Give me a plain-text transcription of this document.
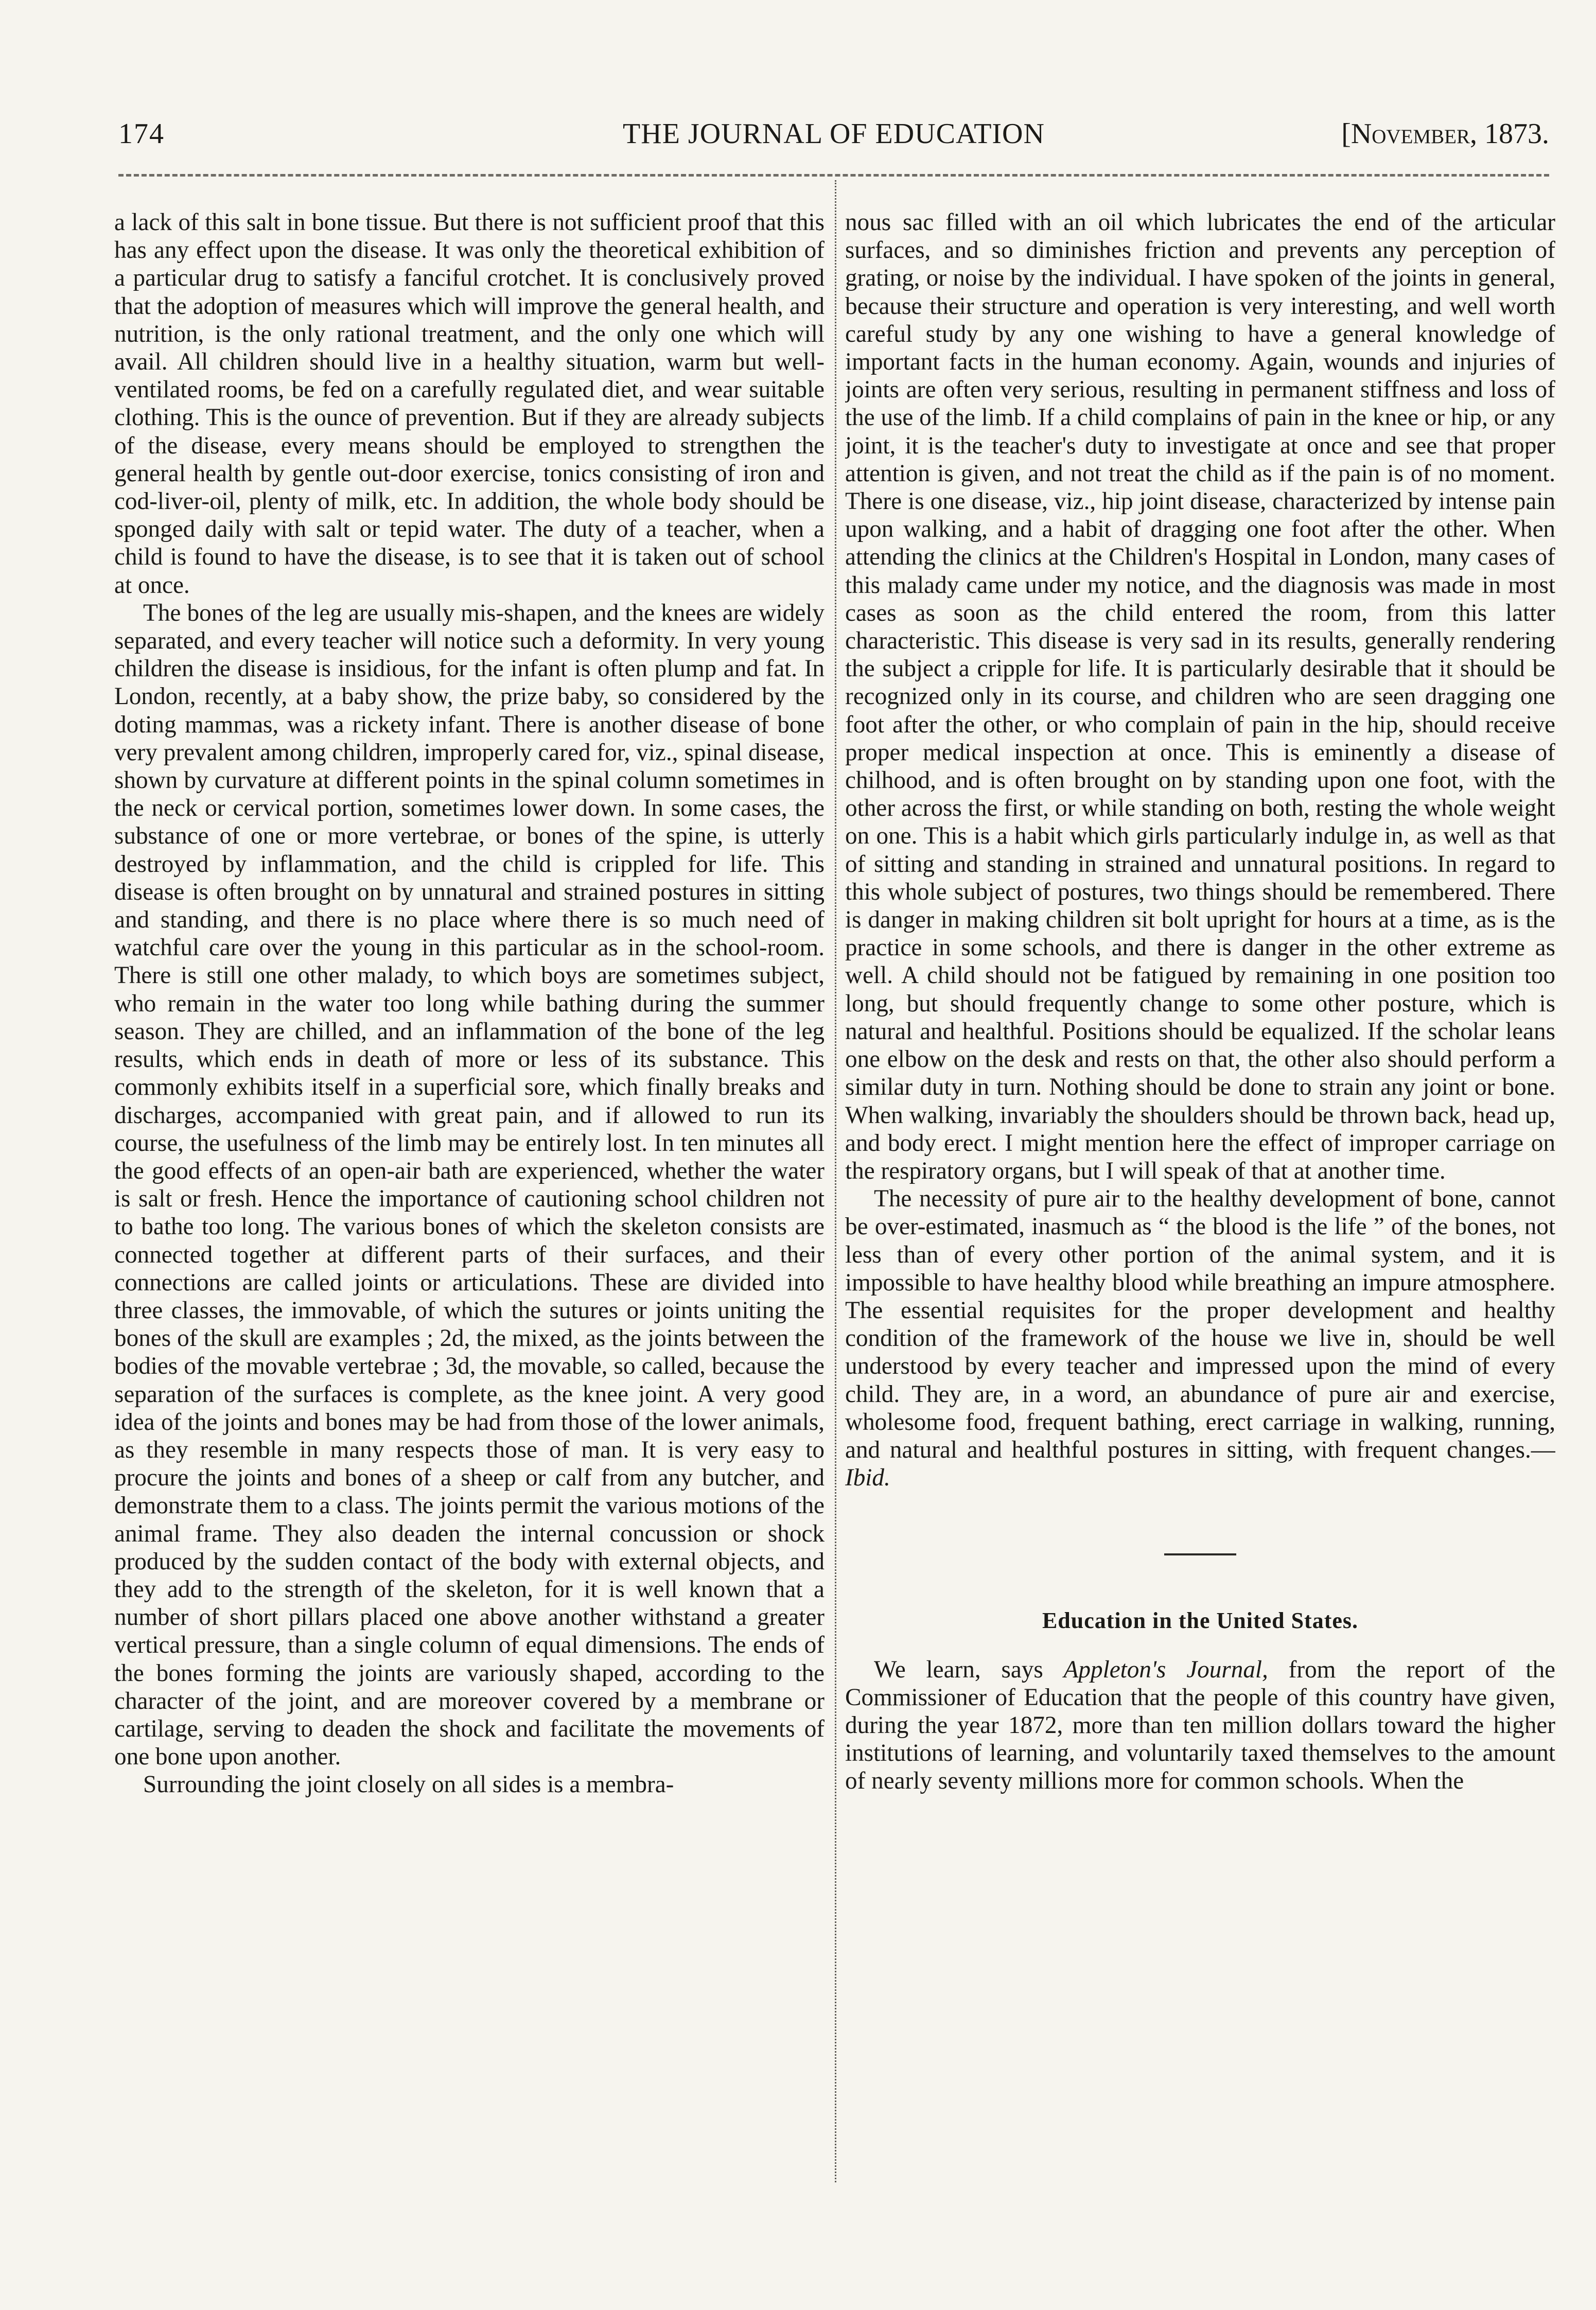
174	THE JOURNAL OF EDUCATION	[November, 1873.

a lack of this salt in bone tissue. But there is not sufficient proof that this has any effect upon the disease. It was only the theoretical exhibition of a particular drug to satisfy a fanciful crotchet. It is conclusively proved that the adoption of measures which will improve the general health, and nutrition, is the only rational treatment, and the only one which will avail. All children should live in a healthy situation, warm but well-ventilated rooms, be fed on a carefully regulated diet, and wear suitable clothing. This is the ounce of prevention. But if they are already subjects of the disease, every means should be employed to strengthen the general health by gentle out-door exercise, tonics consisting of iron and cod-liver-oil, plenty of milk, etc. In addition, the whole body should be sponged daily with salt or tepid water. The duty of a teacher, when a child is found to have the disease, is to see that it is taken out of school at once.

The bones of the leg are usually mis-shapen, and the knees are widely separated, and every teacher will notice such a deformity. In very young children the disease is insidious, for the infant is often plump and fat. In London, recently, at a baby show, the prize baby, so considered by the doting mammas, was a rickety infant. There is another disease of bone very prevalent among children, improperly cared for, viz., spinal disease, shown by curvature at different points in the spinal column sometimes in the neck or cervical portion, sometimes lower down. In some cases, the substance of one or more vertebrae, or bones of the spine, is utterly destroyed by inflammation, and the child is crippled for life. This disease is often brought on by unnatural and strained postures in sitting and standing, and there is no place where there is so much need of watchful care over the young in this particular as in the school-room. There is still one other malady, to which boys are sometimes subject, who remain in the water too long while bathing during the summer season. They are chilled, and an inflammation of the bone of the leg results, which ends in death of more or less of its substance. This commonly exhibits itself in a superficial sore, which finally breaks and discharges, accompanied with great pain, and if allowed to run its course, the usefulness of the limb may be entirely lost. In ten minutes all the good effects of an open-air bath are experienced, whether the water is salt or fresh. Hence the importance of cautioning school children not to bathe too long. The various bones of which the skeleton consists are connected together at different parts of their surfaces, and their connections are called joints or articulations. These are divided into three classes, the immovable, of which the sutures or joints uniting the bones of the skull are examples ; 2d, the mixed, as the joints between the bodies of the movable vertebrae ; 3d, the movable, so called, because the separation of the surfaces is complete, as the knee joint. A very good idea of the joints and bones may be had from those of the lower animals, as they resemble in many respects those of man. It is very easy to procure the joints and bones of a sheep or calf from any butcher, and demonstrate them to a class. The joints permit the various motions of the animal frame. They also deaden the internal concussion or shock produced by the sudden contact of the body with external objects, and they add to the strength of the skeleton, for it is well known that a number of short pillars placed one above another withstand a greater vertical pressure, than a single column of equal dimensions. The ends of the bones forming the joints are variously shaped, according to the character of the joint, and are moreover covered by a membrane or cartilage, serving to deaden the shock and facilitate the movements of one bone upon another.

Surrounding the joint closely on all sides is a membra-

nous sac filled with an oil which lubricates the end of the articular surfaces, and so diminishes friction and prevents any perception of grating, or noise by the individual. I have spoken of the joints in general, because their structure and operation is very interesting, and well worth careful study by any one wishing to have a general knowledge of important facts in the human economy. Again, wounds and injuries of joints are often very serious, resulting in permanent stiffness and loss of the use of the limb. If a child complains of pain in the knee or hip, or any joint, it is the teacher's duty to investigate at once and see that proper attention is given, and not treat the child as if the pain is of no moment. There is one disease, viz., hip joint disease, characterized by intense pain upon walking, and a habit of dragging one foot after the other. When attending the clinics at the Children's Hospital in London, many cases of this malady came under my notice, and the diagnosis was made in most cases as soon as the child entered the room, from this latter characteristic. This disease is very sad in its results, generally rendering the subject a cripple for life. It is particularly desirable that it should be recognized only in its course, and children who are seen dragging one foot after the other, or who complain of pain in the hip, should receive proper medical inspection at once. This is eminently a disease of chilhood, and is often brought on by standing upon one foot, with the other across the first, or while standing on both, resting the whole weight on one. This is a habit which girls particularly indulge in, as well as that of sitting and standing in strained and unnatural positions. In regard to this whole subject of postures, two things should be remembered. There is danger in making children sit bolt upright for hours at a time, as is the practice in some schools, and there is danger in the other extreme as well. A child should not be fatigued by remaining in one position too long, but should frequently change to some other posture, which is natural and healthful. Positions should be equalized. If the scholar leans one elbow on the desk and rests on that, the other also should perform a similar duty in turn. Nothing should be done to strain any joint or bone. When walking, invariably the shoulders should be thrown back, head up, and body erect. I might mention here the effect of improper carriage on the respiratory organs, but I will speak of that at another time.

The necessity of pure air to the healthy development of bone, cannot be over-estimated, inasmuch as “ the blood is the life ” of the bones, not less than of every other portion of the animal system, and it is impossible to have healthy blood while breathing an impure atmosphere. The essential requisites for the proper development and healthy condition of the framework of the house we live in, should be well understood by every teacher and impressed upon the mind of every child. They are, in a word, an abundance of pure air and exercise, wholesome food, frequent bathing, erect carriage in walking, running, and natural and healthful postures in sitting, with frequent changes.—Ibid.

Education in the United States.

We learn, says Appleton's Journal, from the report of the Commissioner of Education that the people of this country have given, during the year 1872, more than ten million dollars toward the higher institutions of learning, and voluntarily taxed themselves to the amount of nearly seventy millions more for common schools. When the
